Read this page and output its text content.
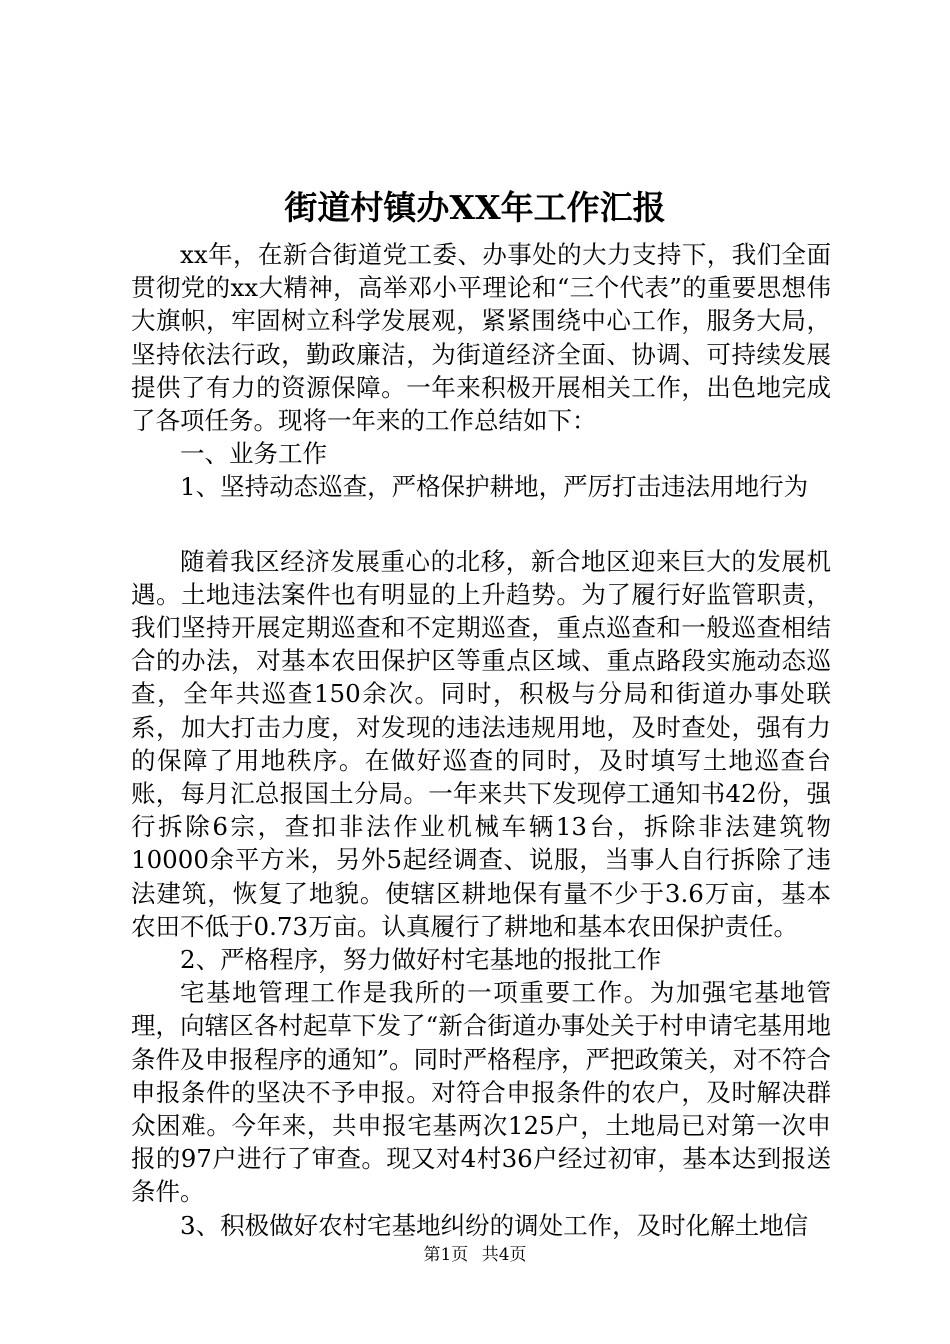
街道村镇办XX年工作汇报

xx年，在新合街道党工委、办事处的大力支持下，我们全面贯彻党的xx大精神，高举邓小平理论和“三个代表”的重要思想伟大旗帜，牢固树立科学发展观，紧紧围绕中心工作，服务大局，坚持依法行政，勤政廉洁，为街道经济全面、协调、可持续发展提供了有力的资源保障。一年来积极开展相关工作，出色地完成了各项任务。现将一年来的工作总结如下：

一、业务工作

1、坚持动态巡查，严格保护耕地，严厉打击违法用地行为

随着我区经济发展重心的北移，新合地区迎来巨大的发展机遇。土地违法案件也有明显的上升趋势。为了履行好监管职责，我们坚持开展定期巡查和不定期巡查，重点巡查和一般巡查相结合的办法，对基本农田保护区等重点区域、重点路段实施动态巡查，全年共巡查150余次。同时，积极与分局和街道办事处联系，加大打击力度，对发现的违法违规用地，及时查处，强有力的保障了用地秩序。在做好巡查的同时，及时填写土地巡查台账，每月汇总报国土分局。一年来共下发现停工通知书42份，强行拆除6宗，查扣非法作业机械车辆13台，拆除非法建筑物10000余平方米，另外5起经调查、说服，当事人自行拆除了违法建筑，恢复了地貌。使辖区耕地保有量不少于3.6万亩，基本农田不低于0.73万亩。认真履行了耕地和基本农田保护责任。

2、严格程序，努力做好村宅基地的报批工作

宅基地管理工作是我所的一项重要工作。为加强宅基地管理，向辖区各村起草下发了“新合街道办事处关于村申请宅基用地条件及申报程序的通知”。同时严格程序，严把政策关，对不符合申报条件的坚决不予申报。对符合申报条件的农户，及时解决群众困难。今年来，共申报宅基两次125户，土地局已对第一次申报的97户进行了审查。现又对4村36户经过初审，基本达到报送条件。

3、积极做好农村宅基地纠纷的调处工作，及时化解土地信

第1页 共4页
